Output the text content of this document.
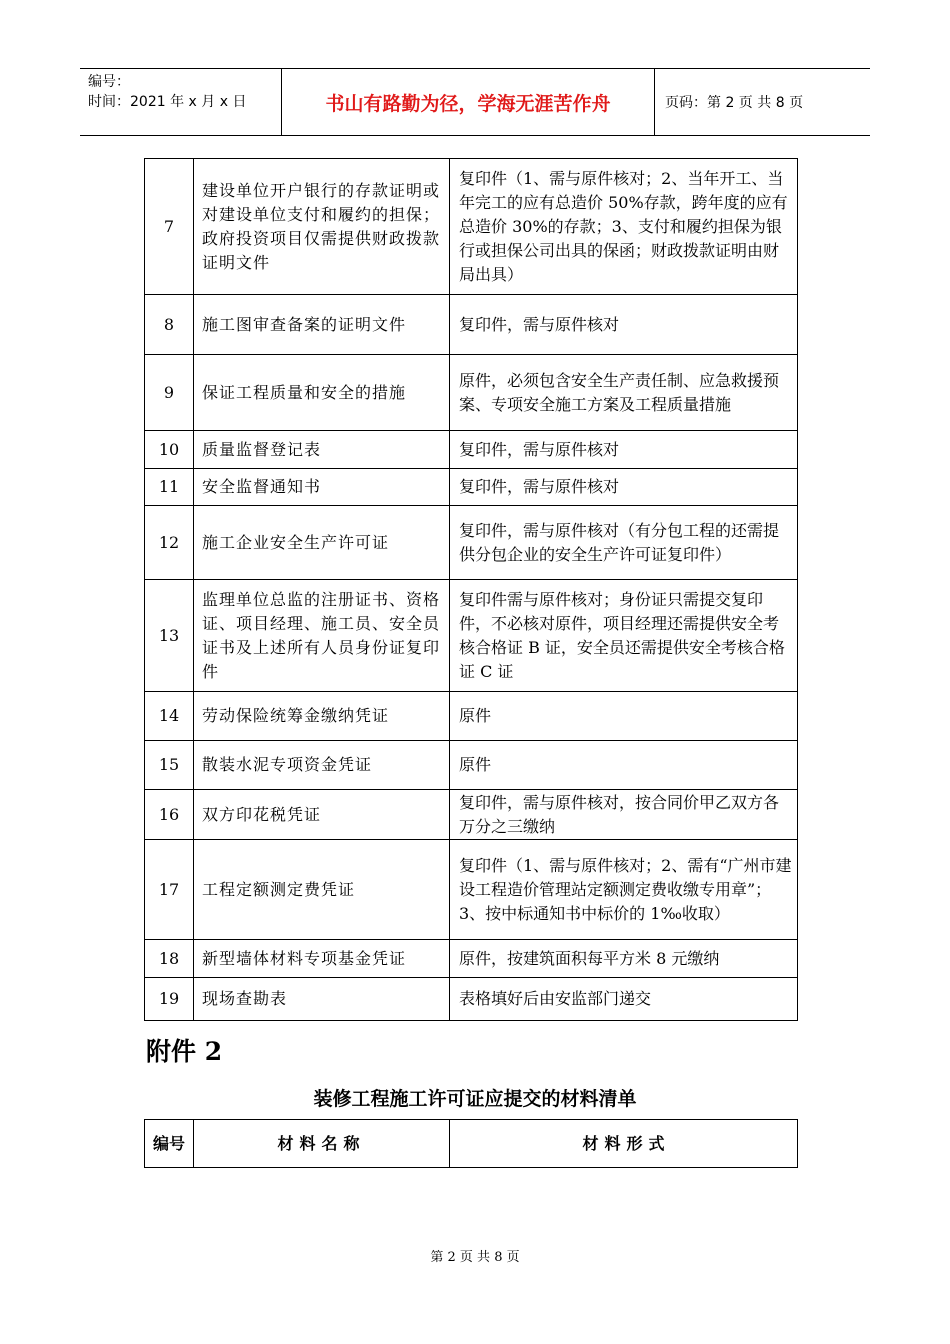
编号：
时间：2021 年 x 月 x 日	书山有路勤为径，学海无涯苦作舟	页码：第 2 页 共 8 页
7	建设单位开户银行的存款证明或对建设单位支付和履约的担保；政府投资项目仅需提供财政拨款证明文件	复印件（1、需与原件核对；2、当年开工、当年完工的应有总造价 50%存款，跨年度的应有总造价 30%的存款；3、支付和履约担保为银行或担保公司出具的保函；财政拨款证明由财局出具）
8	施工图审查备案的证明文件	复印件，需与原件核对
9	保证工程质量和安全的措施	原件，必须包含安全生产责任制、应急救援预案、专项安全施工方案及工程质量措施
10	质量监督登记表	复印件，需与原件核对
11	安全监督通知书	复印件，需与原件核对
12	施工企业安全生产许可证	复印件，需与原件核对（有分包工程的还需提供分包企业的安全生产许可证复印件）
13	监理单位总监的注册证书、资格证、项目经理、施工员、安全员证书及上述所有人员身份证复印件	复印件需与原件核对；身份证只需提交复印件，不必核对原件，项目经理还需提供安全考核合格证 B 证，安全员还需提供安全考核合格证 C 证
14	劳动保险统筹金缴纳凭证	原件
15	散装水泥专项资金凭证	原件
16	双方印花税凭证	复印件，需与原件核对，按合同价甲乙双方各万分之三缴纳
17	工程定额测定费凭证	复印件（1、需与原件核对；2、需有“广州市建设工程造价管理站定额测定费收缴专用章”；3、按中标通知书中标价的 1‰收取）
18	新型墙体材料专项基金凭证	原件，按建筑面积每平方米 8 元缴纳
19	现场查勘表	表格填好后由安监部门递交
附件 2
装修工程施工许可证应提交的材料清单
编号	材料名称	材料形式
第 2 页 共 8 页
